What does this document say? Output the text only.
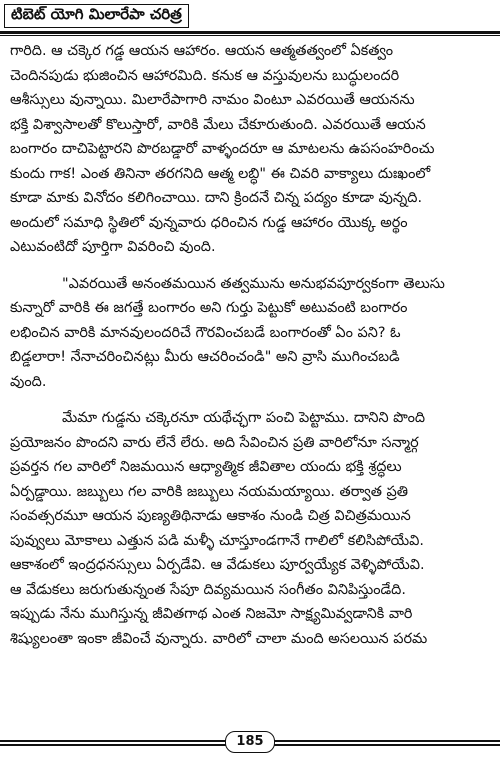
టిబెట్ యోగి మిలారేపా చరిత్ర
గారిది. ఆ చక్కెర గడ్డ ఆయన ఆహారం. ఆయన ఆత్మతత్వంలో ఏకత్వం
చెందినపుడు భుజించిన ఆహారమిది. కనుక ఆ వస్తువులను బుద్ధులందరి
ఆశీస్సులు వున్నాయి. మిలారేపాగారి నామం వింటూ ఎవరయితే ఆయనను
భక్తి విశ్వాసాలతో కొలుస్తారో, వారికి మేలు చేకూరుతుంది. ఎవరయితే ఆయన
బంగారం దాచిపెట్టారని పొరబడ్డారో వాళ్ళందరూ ఆ మాటలను ఉపసంహరించు
కుందు గాక! ఎంత తినినా తరగనిది ఆత్మ లబ్ధి" ఈ చివరి వాక్యాలు దుఃఖంలో
కూడా మాకు వినోదం కలిగించాయి. దాని క్రిందనే చిన్న పద్యం కూడా వున్నది.
అందులో సమాధి స్థితిలో వున్నవారు ధరించిన గుడ్డ ఆహారం యొక్క అర్థం
ఎటువంటిదో పూర్తిగా వివరించి వుంది.
"ఎవరయితే అనంతమయిన తత్వమును అనుభవపూర్వకంగా తెలుసు
కున్నారో వారికి ఈ జగత్తే బంగారం అని గుర్తు పెట్టుకో అటువంటి బంగారం
లభించిన వారికి మానవులందరిచే గౌరవించబడే బంగారంతో ఏం పని? ఓ
బిడ్డలారా! నేనాచరించినట్లు మీరు ఆచరించండి" అని వ్రాసి ముగించబడి
వుంది.
మేమా గుడ్డను చక్కెరనూ యథేచ్ఛగా పంచి పెట్టాము. దానిని పొంది
ప్రయోజనం పొందని వారు లేనే లేరు. అది సేవించిన ప్రతి వారిలోనూ సన్మార్గ
ప్రవర్తన గల వారిలో నిజమయిన ఆధ్యాత్మిక జీవితాల యందు భక్తి శ్రద్ధలు
ఏర్పడ్డాయి. జబ్బులు గల వారికి జబ్బులు నయమయ్యాయి. తర్వాత ప్రతి
సంవత్సరమూ ఆయన పుణ్యతిథినాడు ఆకాశం నుండి చిత్ర విచిత్రమయిన
పువ్వులు మోకాలు ఎత్తున పడి మళ్ళీ చూస్తూండగానే గాలిలో కలిసిపోయేవి.
ఆకాశంలో ఇంద్రధనస్సులు ఏర్పడేవి. ఆ వేడుకలు పూర్వయ్యేక వెళ్ళిపోయేవి.
ఆ వేడుకలు జరుగుతున్నంత సేపూ దివ్యమయిన సంగీతం వినిపిస్తుండేది.
ఇప్పుడు నేను ముగిస్తున్న జీవితగాథ ఎంత నిజమో సాక్ష్యమివ్వడానికి వారి
శిష్యులంతా ఇంకా జీవించే వున్నారు. వారిలో చాలా మంది అసలయిన పరమ
185
